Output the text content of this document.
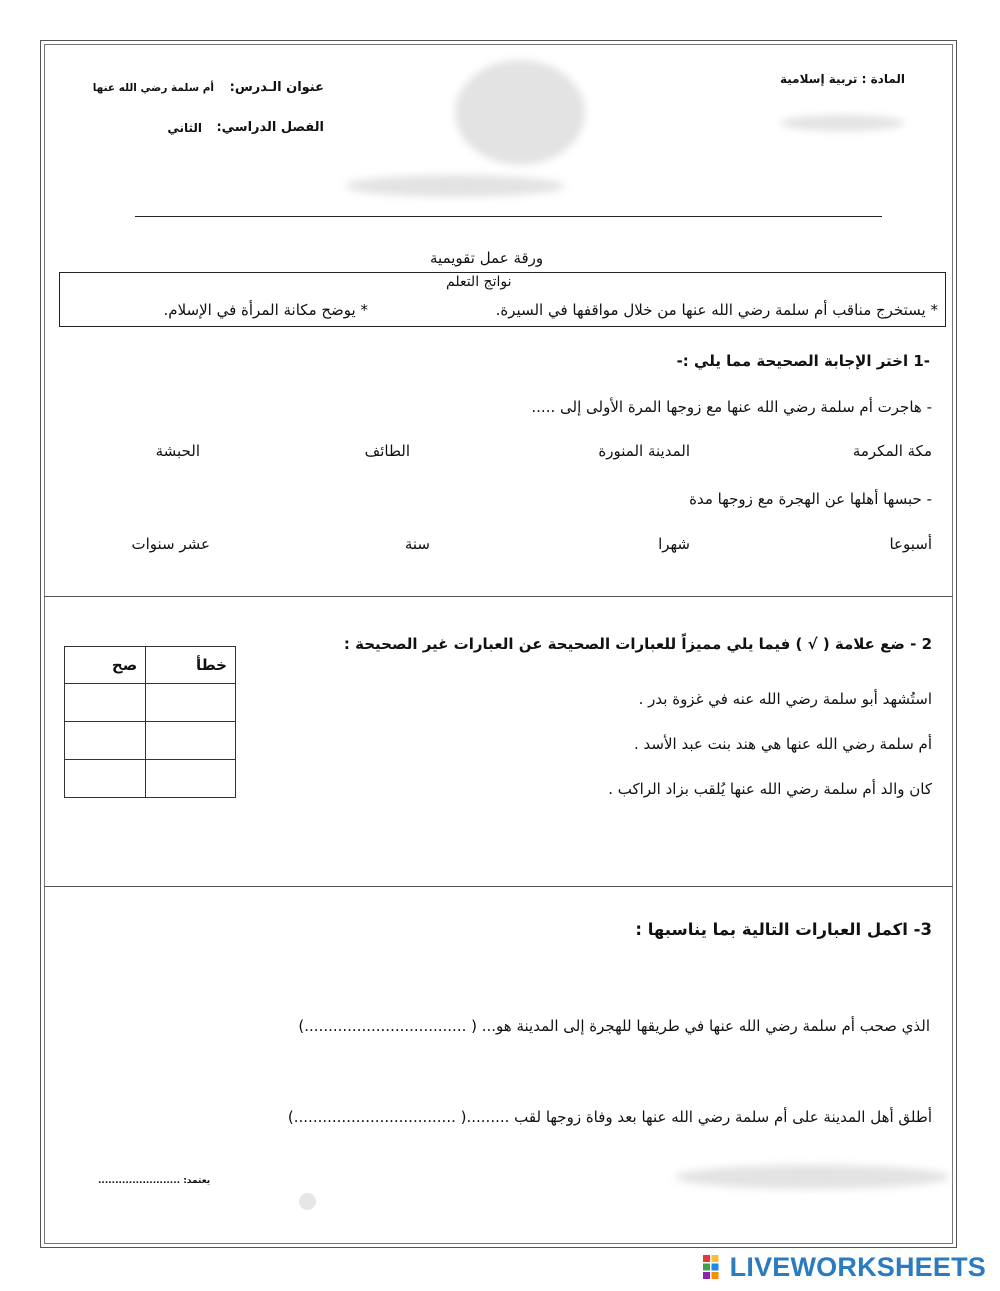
المادة : تربية إسلامية
عنوان الـدرس:
أم سلمة رضي الله عنها
الفصل الدراسي:
الثاني
ورقة عمل تقويمية
نواتج التعلم
* يستخرج مناقب أم سلمة رضي الله عنها من خلال مواقفها في السيرة.
* يوضح مكانة المرأة في الإسلام.
-1 اختر الإجابة الصحيحة مما يلي :-
- هاجرت أم سلمة رضي الله عنها مع زوجها المرة الأولى إلى .....
مكة المكرمة
المدينة المنورة
الطائف
الحبشة
- حبسها أهلها عن الهجرة مع زوجها مدة
أسبوعا
شهرا
سنة
عشر سنوات
2 - ضع علامة ( √ ) فيما يلي مميزاً للعبارات الصحيحة عن العبارات غير الصحيحة :
صح	خطأ

استُشهد أبو سلمة رضي الله عنه في غزوة بدر .
أم سلمة رضي الله عنها هي هند بنت عبد الأسد .
كان والد أم سلمة رضي الله عنها يُلقب بزاد الراكب .
3- اكمل العبارات التالية بما يناسبها :
الذي صحب أم سلمة رضي الله عنها في طريقها للهجرة إلى المدينة هو... ( ..................................)
أطلق أهل المدينة على أم سلمة رضي الله عنها بعد وفاة زوجها لقب .........( ..................................)
يعتمد: ........................
LIVEWORKSHEETS
